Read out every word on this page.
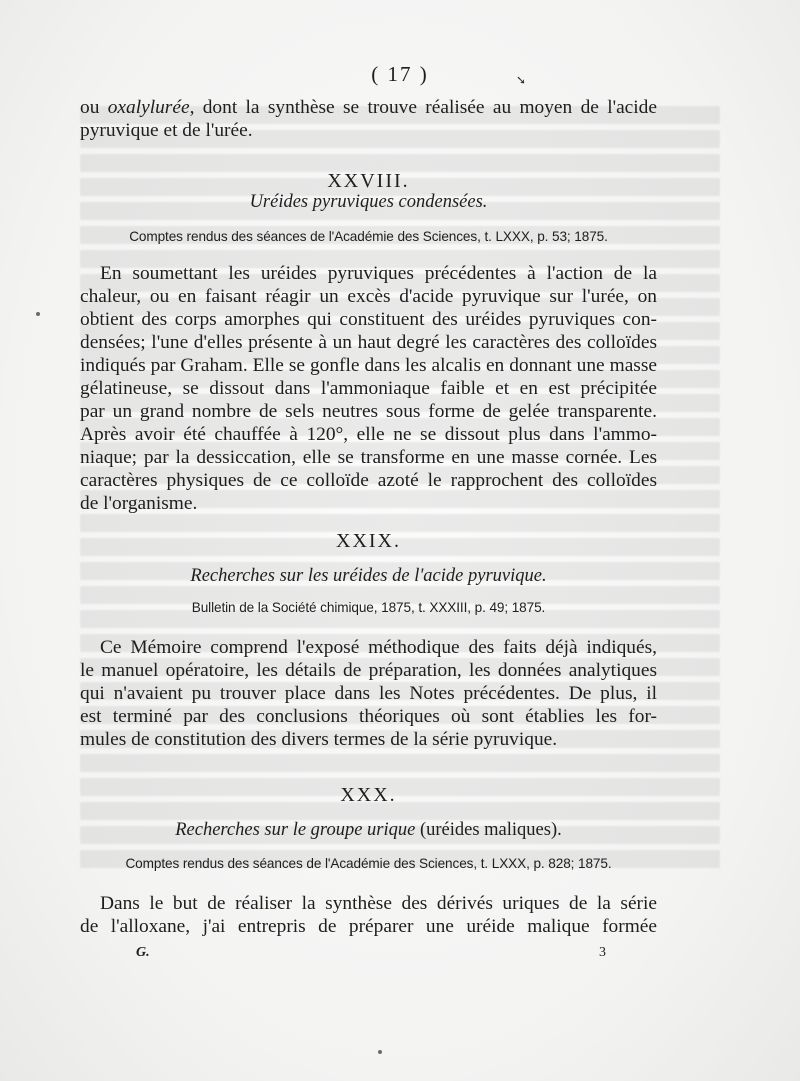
( 17 )	➘
ou oxalylurée, dont la synthèse se trouve réalisée au moyen de l'acide
pyruvique et de l'urée.
XXVIII.
Uréides pyruviques condensées.
Comptes rendus des séances de l'Académie des Sciences, t. LXXX, p. 53; 1875.
En soumettant les uréides pyruviques précédentes à l'action de la
chaleur, ou en faisant réagir un excès d'acide pyruvique sur l'urée, on
obtient des corps amorphes qui constituent des uréides pyruviques con-
densées; l'une d'elles présente à un haut degré les caractères des colloïdes
indiqués par Graham. Elle se gonfle dans les alcalis en donnant une masse
gélatineuse, se dissout dans l'ammoniaque faible et en est précipitée
par un grand nombre de sels neutres sous forme de gelée transparente.
Après avoir été chauffée à 120°, elle ne se dissout plus dans l'ammo-
niaque; par la dessiccation, elle se transforme en une masse cornée. Les
caractères physiques de ce colloïde azoté le rapprochent des colloïdes
de l'organisme.
XXIX.
Recherches sur les uréides de l'acide pyruvique.
Bulletin de la Société chimique, 1875, t. XXXIII, p. 49; 1875.
Ce Mémoire comprend l'exposé méthodique des faits déjà indiqués,
le manuel opératoire, les détails de préparation, les données analytiques
qui n'avaient pu trouver place dans les Notes précédentes. De plus, il
est terminé par des conclusions théoriques où sont établies les for-
mules de constitution des divers termes de la série pyruvique.
XXX.
Recherches sur le groupe urique (uréides maliques).
Comptes rendus des séances de l'Académie des Sciences, t. LXXX, p. 828; 1875.
Dans le but de réaliser la synthèse des dérivés uriques de la série
de l'alloxane, j'ai entrepris de préparer une uréide malique formée
G.	3
